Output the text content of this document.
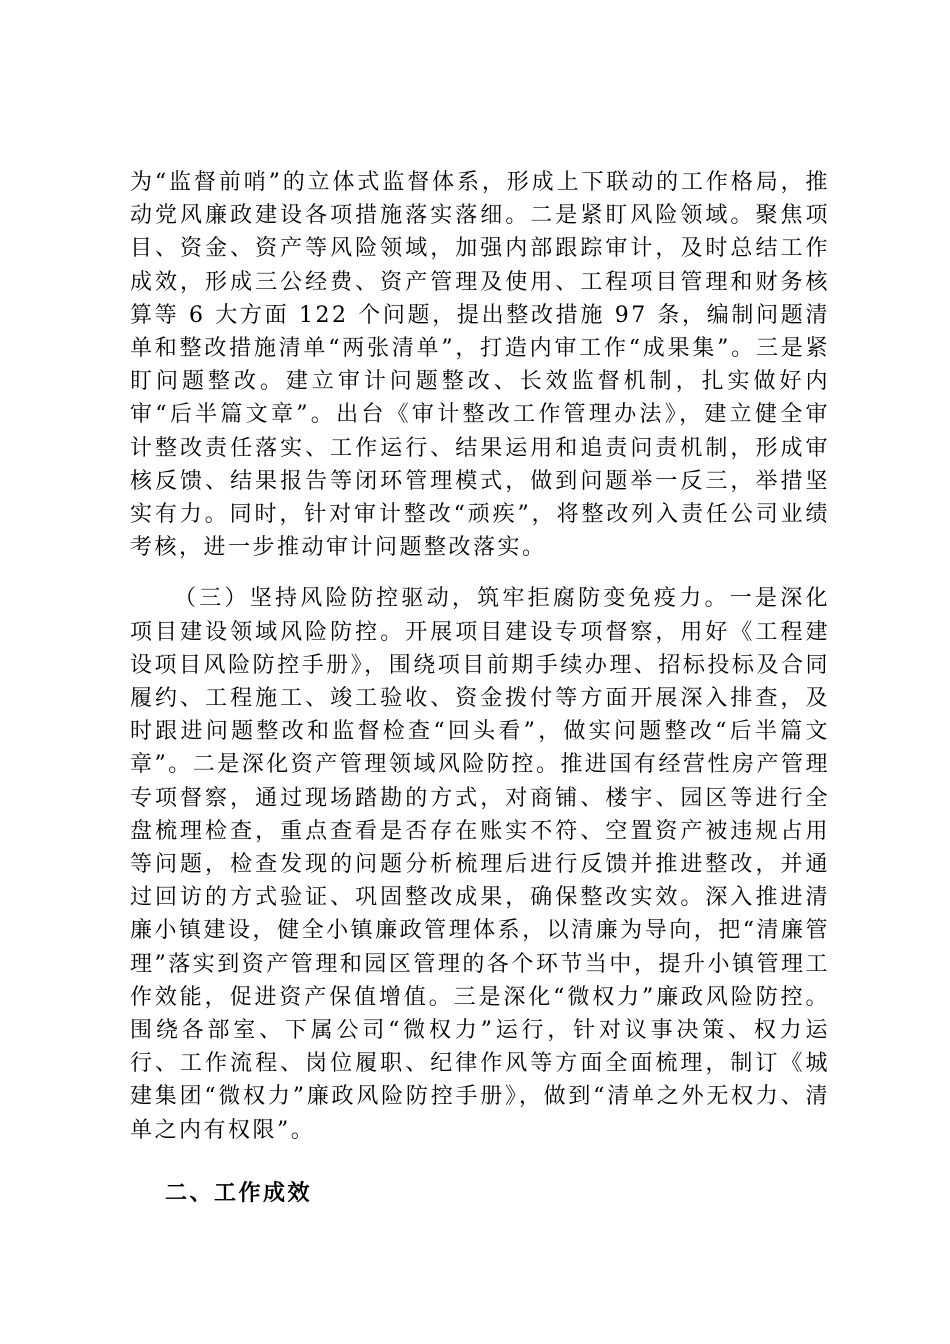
为“监督前哨”的立体式监督体系，形成上下联动的工作格局，推动党风廉政建设各项措施落实落细。二是紧盯风险领域。聚焦项目、资金、资产等风险领域，加强内部跟踪审计，及时总结工作成效，形成三公经费、资产管理及使用、工程项目管理和财务核算等 6 大方面 122 个问题，提出整改措施 97 条，编制问题清单和整改措施清单“两张清单”，打造内审工作“成果集”。三是紧盯问题整改。建立审计问题整改、长效监督机制，扎实做好内审“后半篇文章”。出台《审计整改工作管理办法》，建立健全审计整改责任落实、工作运行、结果运用和追责问责机制，形成审核反馈、结果报告等闭环管理模式，做到问题举一反三，举措坚实有力。同时，针对审计整改“顽疾”，将整改列入责任公司业绩考核，进一步推动审计问题整改落实。

（三）坚持风险防控驱动，筑牢拒腐防变免疫力。一是深化项目建设领域风险防控。开展项目建设专项督察，用好《工程建设项目风险防控手册》，围绕项目前期手续办理、招标投标及合同履约、工程施工、竣工验收、资金拨付等方面开展深入排查，及时跟进问题整改和监督检查“回头看”，做实问题整改“后半篇文章”。二是深化资产管理领域风险防控。推进国有经营性房产管理专项督察，通过现场踏勘的方式，对商铺、楼宇、园区等进行全盘梳理检查，重点查看是否存在账实不符、空置资产被违规占用等问题，检查发现的问题分析梳理后进行反馈并推进整改，并通过回访的方式验证、巩固整改成果，确保整改实效。深入推进清廉小镇建设，健全小镇廉政管理体系，以清廉为导向，把“清廉管理”落实到资产管理和园区管理的各个环节当中，提升小镇管理工作效能，促进资产保值增值。三是深化“微权力”廉政风险防控。围绕各部室、下属公司“微权力”运行，针对议事决策、权力运行、工作流程、岗位履职、纪律作风等方面全面梳理，制订《城建集团“微权力”廉政风险防控手册》，做到“清单之外无权力、清单之内有权限”。

二、工作成效
